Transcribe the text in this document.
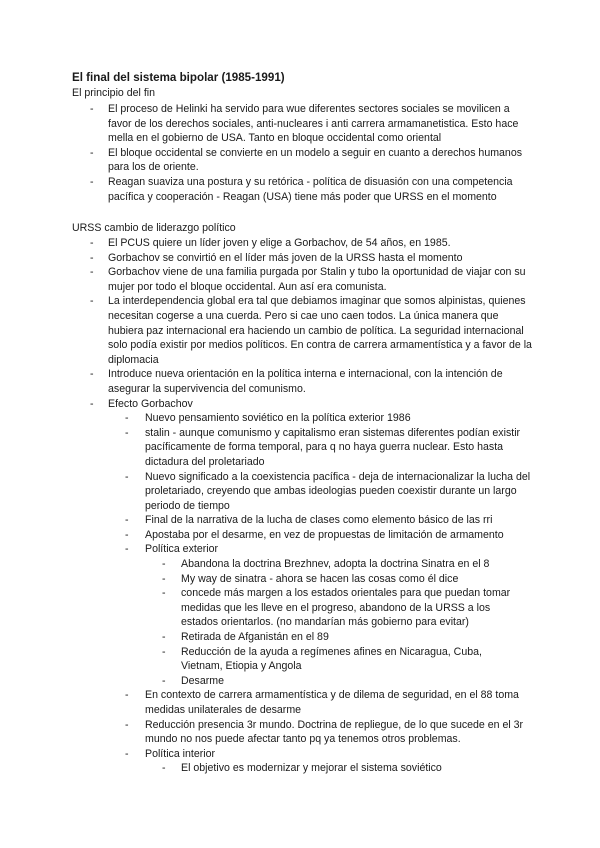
El final del sistema bipolar (1985-1991)
El principio del fin
- El proceso de Helinki ha servido para wue diferentes sectores sociales se movilicen a favor de los derechos sociales, anti-nucleares i anti carrera armamanetistica. Esto hace mella en el gobierno de USA. Tanto en bloque occidental como oriental
- El bloque occidental se convierte en un modelo a seguir en cuanto a derechos humanos para los de oriente.
- Reagan suaviza una postura y su retórica - política de disuasión con una competencia pacífica y cooperación - Reagan (USA) tiene más poder que URSS en el momento
URSS cambio de liderazgo político
- El PCUS quiere un líder joven y elige a Gorbachov, de 54 años, en 1985.
- Gorbachov se convirtió en el líder más joven de la URSS hasta el momento
- Gorbachov viene de una familia purgada por Stalin y tubo la oportunidad de viajar con su mujer por todo el bloque occidental. Aun así era comunista.
- La interdependencia global era tal que debiamos imaginar que somos alpinistas, quienes necesitan cogerse a una cuerda. Pero si cae uno caen todos. La única manera que hubiera paz internacional era haciendo un cambio de política. La seguridad internacional solo podía existir por medios políticos. En contra de carrera armamentística y a favor de la diplomacia
- Introduce nueva orientación en la política interna e internacional, con la intención de asegurar la supervivencia del comunismo.
- Efecto Gorbachov
- Nuevo pensamiento soviético en la política exterior 1986
- stalin - aunque comunismo y capitalismo eran sistemas diferentes podían existir pacíficamente de forma temporal, para q no haya guerra nuclear. Esto hasta dictadura del proletariado
- Nuevo significado a la coexistencia pacífica - deja de internacionalizar la lucha del proletariado, creyendo que ambas ideologias pueden coexistir durante un largo periodo de tiempo
- Final de la narrativa de la lucha de clases como elemento básico de las rri
- Apostaba por el desarme, en vez de propuestas de limitación de armamento
- Política exterior
- Abandona la doctrina Brezhnev, adopta la doctrina Sinatra en el 8
- My way de sinatra - ahora se hacen las cosas como él dice
- concede más margen a los estados orientales para que puedan tomar medidas que les lleve en el progreso, abandono de la URSS a los estados orientarlos. (no mandarían más gobierno para evitar)
- Retirada de Afganistán en el 89
- Reducción de la ayuda a regímenes afines en Nicaragua, Cuba, Vietnam, Etiopia y Angola
- Desarme
- En contexto de carrera armamentística y de dilema de seguridad, en el 88 toma medidas unilaterales de desarme
- Reducción presencia 3r mundo. Doctrina de repliegue, de lo que sucede en el 3r mundo no nos puede afectar tanto pq ya tenemos otros problemas.
- Política interior
- El objetivo es modernizar y mejorar el sistema soviético
